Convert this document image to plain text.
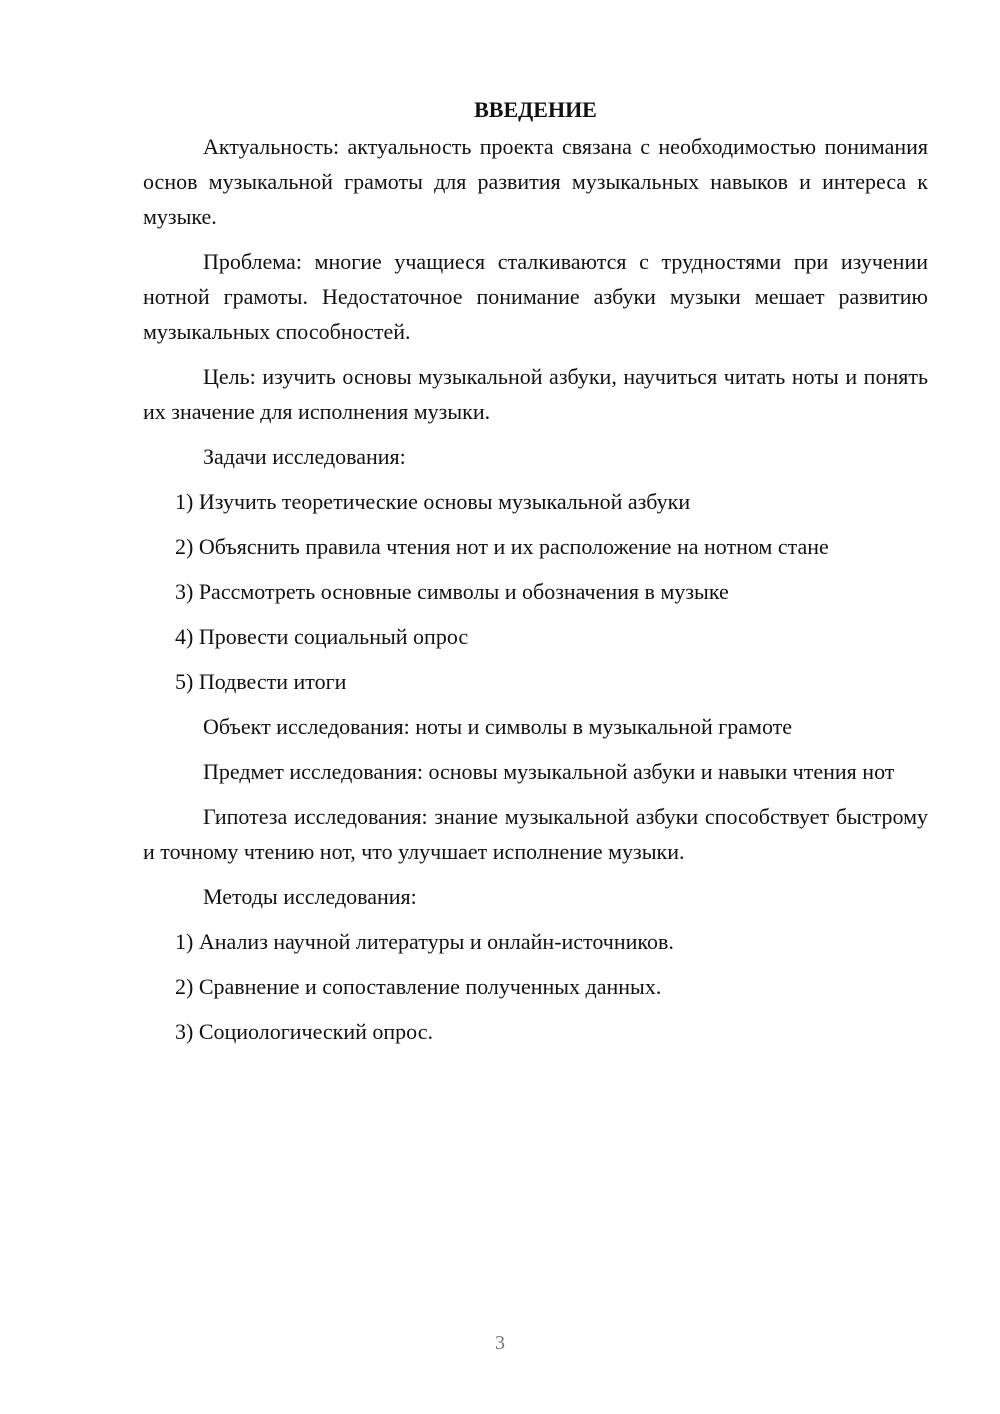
ВВЕДЕНИЕ

Актуальность: актуальность проекта связана с необходимостью понимания основ музыкальной грамоты для развития музыкальных навыков и интереса к музыке.

Проблема: многие учащиеся сталкиваются с трудностями при изучении нотной грамоты. Недостаточное понимание азбуки музыки мешает развитию музыкальных способностей.

Цель: изучить основы музыкальной азбуки, научиться читать ноты и понять их значение для исполнения музыки.

Задачи исследования:

1) Изучить теоретические основы музыкальной азбуки
2) Объяснить правила чтения нот и их расположение на нотном стане
3) Рассмотреть основные символы и обозначения в музыке
4) Провести социальный опрос
5) Подвести итоги

Объект исследования: ноты и символы в музыкальной грамоте

Предмет исследования: основы музыкальной азбуки и навыки чтения нот

Гипотеза исследования: знание музыкальной азбуки способствует быстрому и точному чтению нот, что улучшает исполнение музыки.

Методы исследования:

1) Анализ научной литературы и онлайн-источников.
2) Сравнение и сопоставление полученных данных.
3) Социологический опрос.
3
